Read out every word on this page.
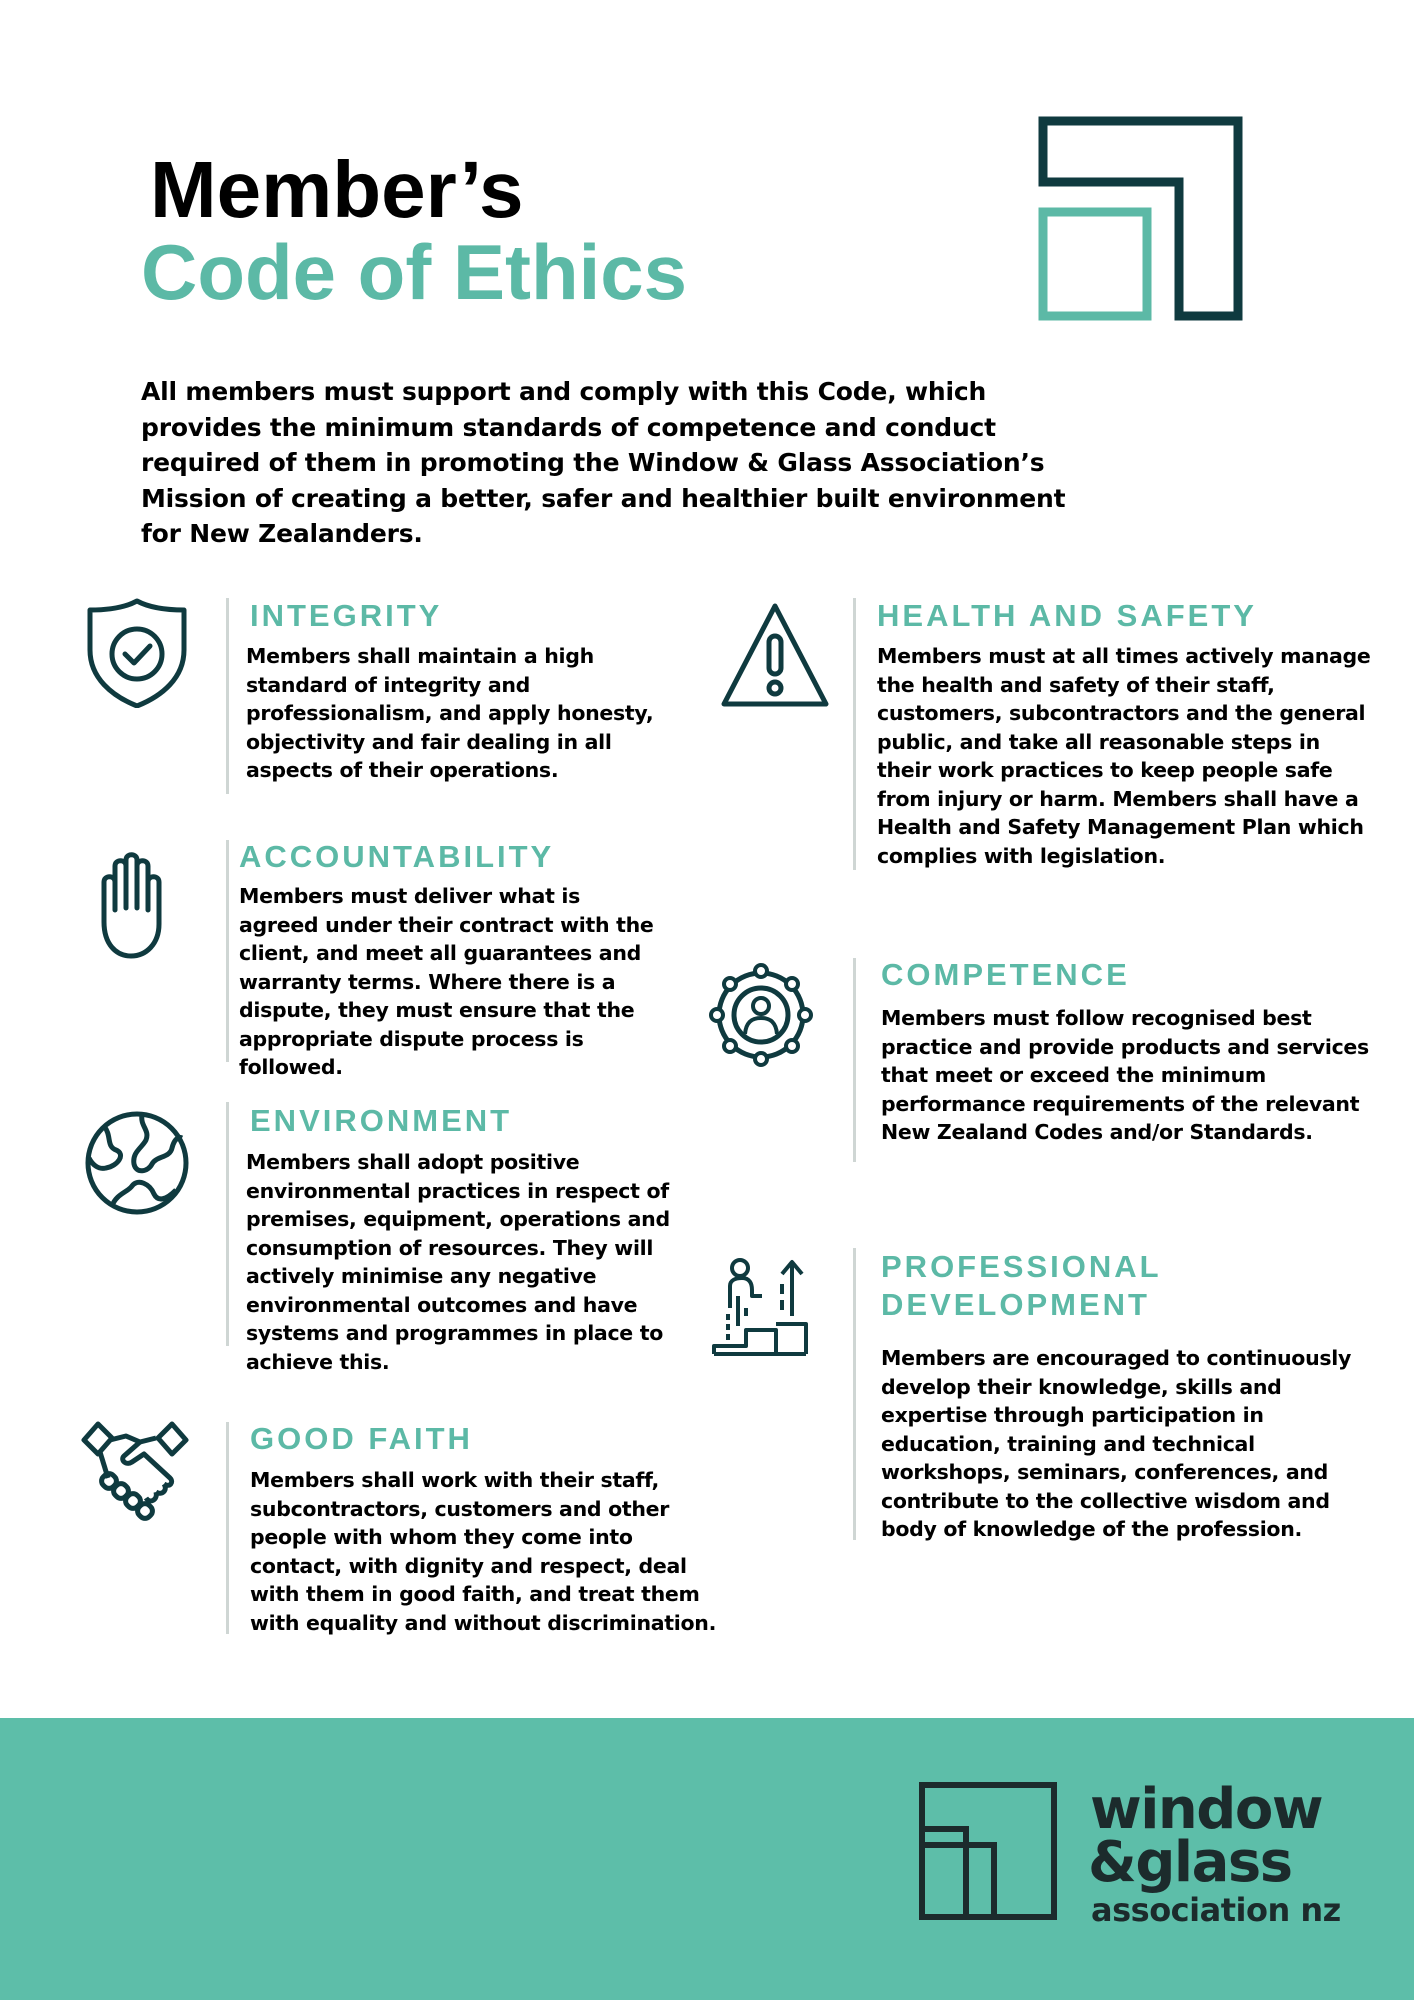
Member’s
Code of Ethics

All members must support and comply with this Code, which provides the minimum standards of competence and conduct required of them in promoting the Window & Glass Association’s Mission of creating a better, safer and healthier built environment for New Zealanders.

INTEGRITY
Members shall maintain a high standard of integrity and professionalism, and apply honesty, objectivity and fair dealing in all aspects of their operations.
ACCOUNTABILITY
Members must deliver what is agreed under their contract with the client, and meet all guarantees and warranty terms. Where there is a dispute, they must ensure that the appropriate dispute process is followed.
ENVIRONMENT
Members shall adopt positive environmental practices in respect of premises, equipment, operations and consumption of resources. They will actively minimise any negative environmental outcomes and have systems and programmes in place to achieve this.
GOOD FAITH
Members shall work with their staff, subcontractors, customers and other people with whom they come into contact, with dignity and respect, deal with them in good faith, and treat them with equality and without discrimination.
HEALTH AND SAFETY
Members must at all times actively manage the health and safety of their staff, customers, subcontractors and the general public, and take all reasonable steps in their work practices to keep people safe from injury or harm. Members shall have a Health and Safety Management Plan which complies with legislation.
COMPETENCE
Members must follow recognised best practice and provide products and services that meet or exceed the minimum performance requirements of the relevant New Zealand Codes and/or Standards.
PROFESSIONAL DEVELOPMENT
Members are encouraged to continuously develop their knowledge, skills and expertise through participation in education, training and technical workshops, seminars, conferences, and contribute to the collective wisdom and body of knowledge of the profession.
window
&glass
association nz
